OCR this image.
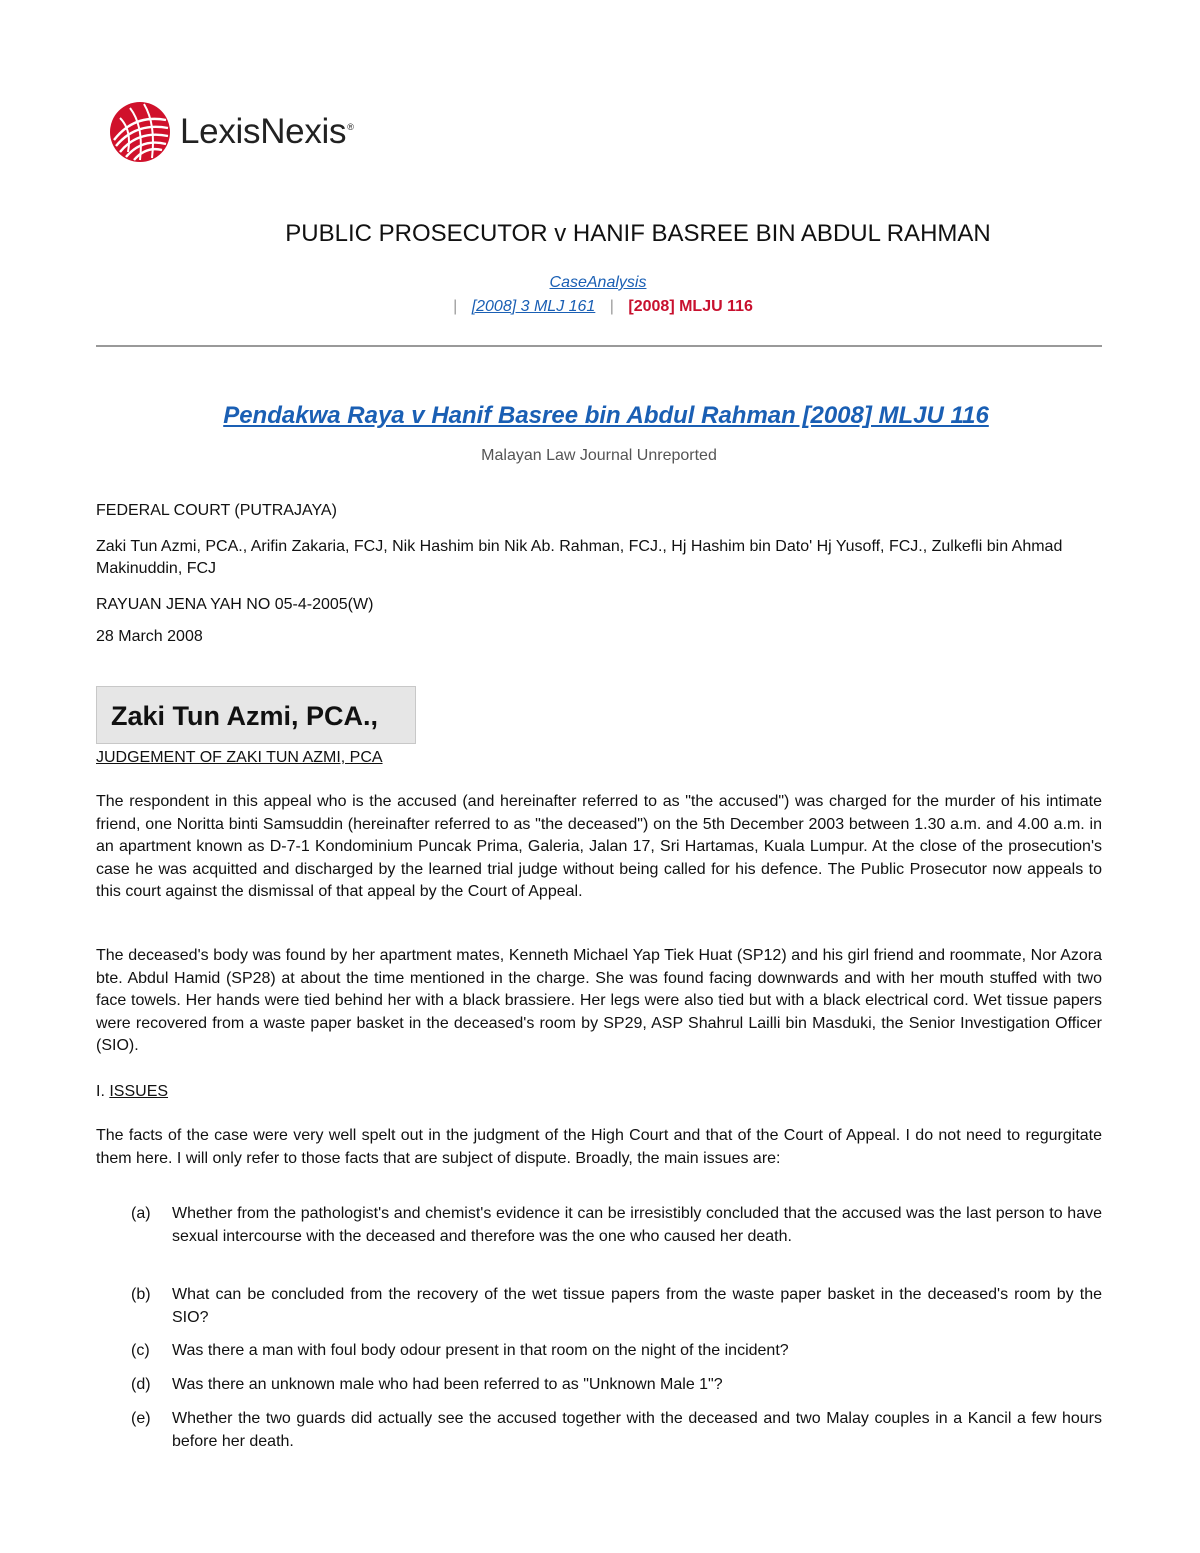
LexisNexis®
PUBLIC PROSECUTOR v HANIF BASREE BIN ABDUL RAHMAN
CaseAnalysis
| [2008] 3 MLJ 161 | [2008] MLJU 116
Pendakwa Raya v Hanif Basree bin Abdul Rahman [2008] MLJU 116
Malayan Law Journal Unreported
FEDERAL COURT (PUTRAJAYA)
Zaki Tun Azmi, PCA., Arifin Zakaria, FCJ, Nik Hashim bin Nik Ab. Rahman, FCJ., Hj Hashim bin Dato' Hj Yusoff, FCJ., Zulkefli bin Ahmad Makinuddin, FCJ
RAYUAN JENA YAH NO 05-4-2005(W)
28 March 2008
Zaki Tun Azmi, PCA.,
JUDGEMENT OF ZAKI TUN AZMI, PCA
The respondent in this appeal who is the accused (and hereinafter referred to as "the accused") was charged for the murder of his intimate friend, one Noritta binti Samsuddin (hereinafter referred to as "the deceased") on the 5th December 2003 between 1.30 a.m. and 4.00 a.m. in an apartment known as D-7-1 Kondominium Puncak Prima, Galeria, Jalan 17, Sri Hartamas, Kuala Lumpur. At the close of the prosecution's case he was acquitted and discharged by the learned trial judge without being called for his defence. The Public Prosecutor now appeals to this court against the dismissal of that appeal by the Court of Appeal.
The deceased's body was found by her apartment mates, Kenneth Michael Yap Tiek Huat (SP12) and his girl friend and roommate, Nor Azora bte. Abdul Hamid (SP28) at about the time mentioned in the charge. She was found facing downwards and with her mouth stuffed with two face towels. Her hands were tied behind her with a black brassiere. Her legs were also tied but with a black electrical cord. Wet tissue papers were recovered from a waste paper basket in the deceased's room by SP29, ASP Shahrul Lailli bin Masduki, the Senior Investigation Officer (SIO).
I. ISSUES
The facts of the case were very well spelt out in the judgment of the High Court and that of the Court of Appeal. I do not need to regurgitate them here. I will only refer to those facts that are subject of dispute. Broadly, the main issues are:
(a) Whether from the pathologist's and chemist's evidence it can be irresistibly concluded that the accused was the last person to have sexual intercourse with the deceased and therefore was the one who caused her death.
(b) What can be concluded from the recovery of the wet tissue papers from the waste paper basket in the deceased's room by the SIO?
(c) Was there a man with foul body odour present in that room on the night of the incident?
(d) Was there an unknown male who had been referred to as "Unknown Male 1"?
(e) Whether the two guards did actually see the accused together with the deceased and two Malay couples in a Kancil a few hours before her death.
